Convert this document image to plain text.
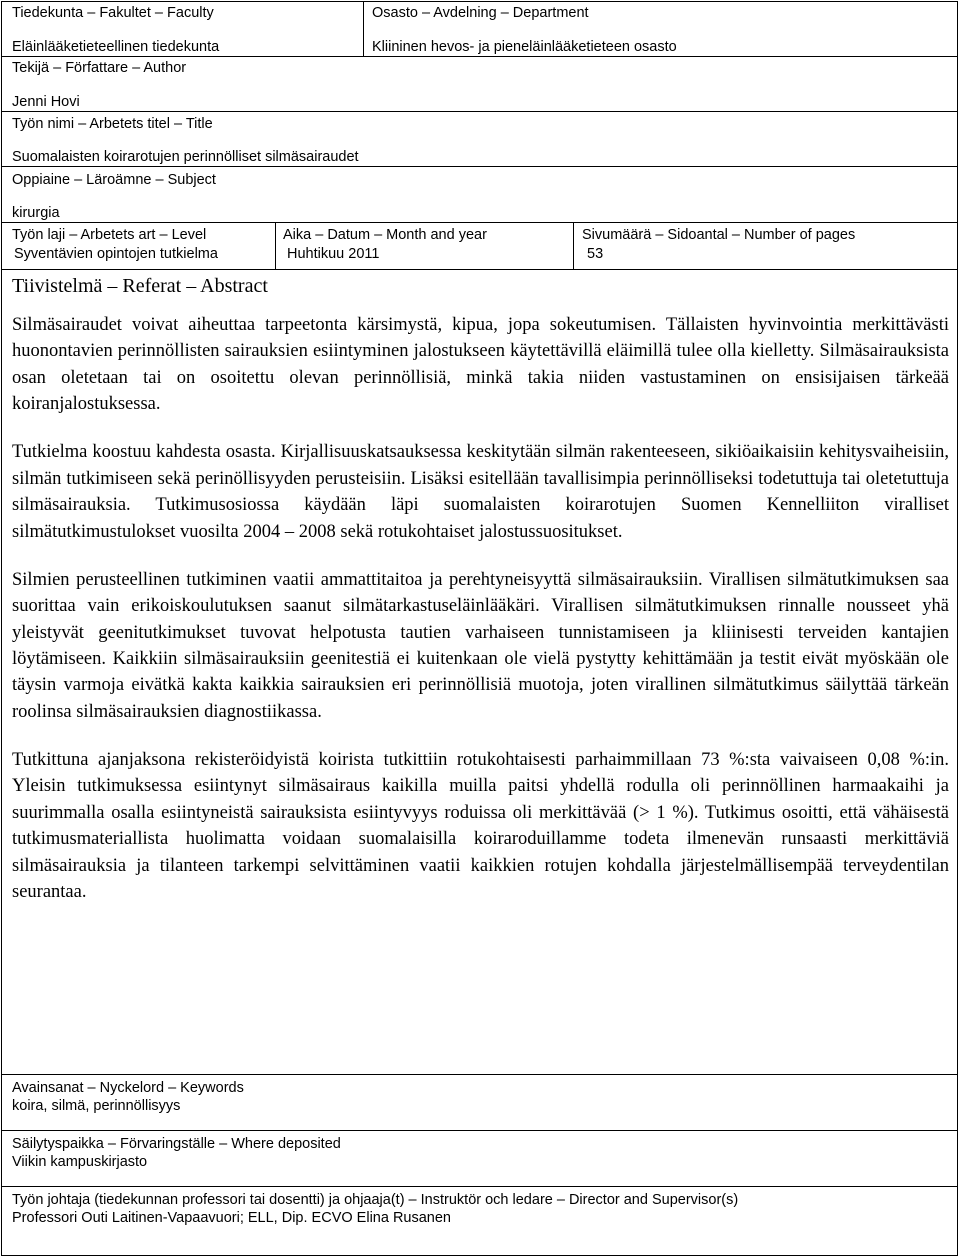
Tiedekunta – Fakultet – Faculty
Eläinlääketieteellinen tiedekunta
Osasto – Avdelning – Department
Kliininen hevos- ja pieneläinlääketieteen osasto
Tekijä – Författare – Author
Jenni Hovi
Työn nimi – Arbetets titel – Title
Suomalaisten koirarotujen perinnölliset silmäsairaudet
Oppiaine – Läroämne – Subject
kirurgia
Työn laji – Arbetets art – Level
Syventävien opintojen tutkielma
Aika – Datum – Month and year
Huhtikuu 2011
Sivumäärä – Sidoantal – Number of pages
53
Tiivistelmä – Referat – Abstract

Silmäsairaudet voivat aiheuttaa tarpeetonta kärsimystä, kipua, jopa sokeutumisen. Tällaisten hyvinvointia merkittävästi huonontavien perinnöllisten sairauksien esiintyminen jalostukseen käytettävillä eläimillä tulee olla kielletty. Silmäsairauksista osan oletetaan tai on osoitettu olevan perinnöllisiä, minkä takia niiden vastustaminen on ensisijaisen tärkeää koiranjalostuksessa.

Tutkielma koostuu kahdesta osasta. Kirjallisuuskatsauksessa keskitytään silmän rakenteeseen, sikiöaikaisiin kehitysvaiheisiin, silmän tutkimiseen sekä perinöllisyyden perusteisiin. Lisäksi esitellään tavallisimpia perinnölliseksi todetuttuja tai oletetuttuja silmäsairauksia. Tutkimusosiossa käydään läpi suomalaisten koirarotujen Suomen Kennelliiton viralliset silmätutkimustulokset vuosilta 2004 – 2008 sekä rotukohtaiset jalostussuositukset.

Silmien perusteellinen tutkiminen vaatii ammattitaitoa ja perehtyneisyyttä silmäsairauksiin. Virallisen silmätutkimuksen saa suorittaa vain erikoiskoulutuksen saanut silmätarkastuseläinlääkäri. Virallisen silmätutkimuksen rinnalle nousseet yhä yleistyvät geenitutkimukset tuvovat helpotusta tautien varhaiseen tunnistamiseen ja kliinisesti terveiden kantajien löytämiseen. Kaikkiin silmäsairauksiin geenitestiä ei kuitenkaan ole vielä pystytty kehittämään ja testit eivät myöskään ole täysin varmoja eivätkä kakta kaikkia sairauksien eri perinnöllisiä muotoja, joten virallinen silmätutkimus säilyttää tärkeän roolinsa silmäsairauksien diagnostiikassa.

Tutkittuna ajanjaksona rekisteröidyistä koirista tutkittiin rotukohtaisesti parhaimmillaan 73 %:sta vaivaiseen 0,08 %:in. Yleisin tutkimuksessa esiintynyt silmäsairaus kaikilla muilla paitsi yhdellä rodulla oli perinnöllinen harmaakaihi ja suurimmalla osalla esiintyneistä sairauksista esiintyvyys roduissa oli merkittävää (> 1 %). Tutkimus osoitti, että vähäisestä tutkimusmateriallista huolimatta voidaan suomalaisilla koiraroduillamme todeta ilmenevän runsaasti merkittäviä silmäsairauksia ja tilanteen tarkempi selvittäminen vaatii kaikkien rotujen kohdalla järjestelmällisempää terveydentilan seurantaa.

Avainsanat – Nyckelord – Keywords
koira, silmä, perinnöllisyys
Säilytyspaikka – Förvaringställe – Where deposited
Viikin kampuskirjasto
Työn johtaja (tiedekunnan professori tai dosentti) ja ohjaaja(t) – Instruktör och ledare – Director and Supervisor(s)
Professori Outi Laitinen-Vapaavuori; ELL, Dip. ECVO Elina Rusanen
